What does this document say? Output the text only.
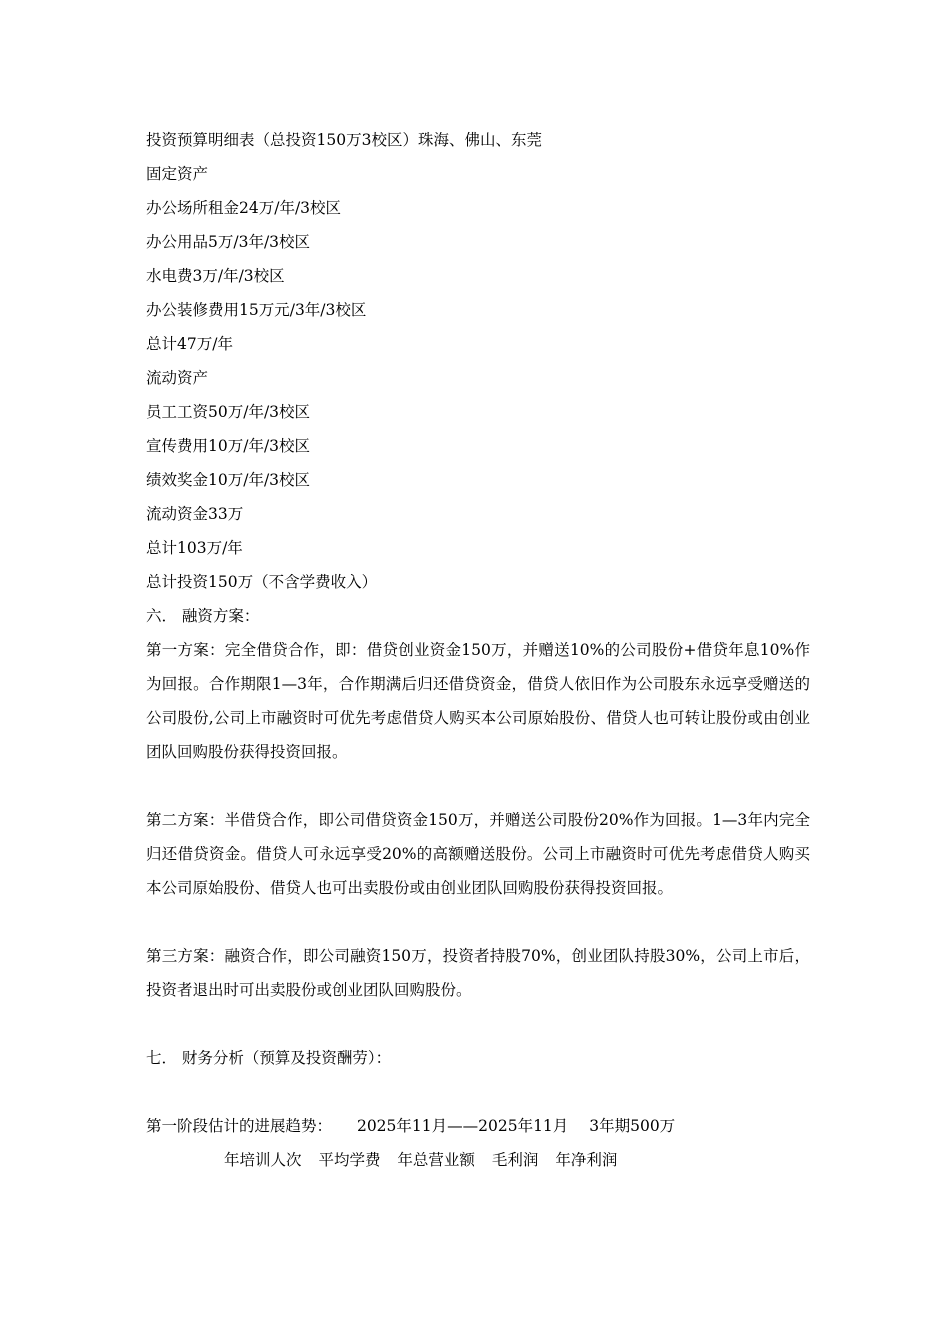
投资预算明细表（总投资150万3校区）珠海、佛山、东莞
固定资产
办公场所租金24万/年/3校区
办公用品5万/3年/3校区
水电费3万/年/3校区
办公装修费用15万元/3年/3校区
总计47万/年
流动资产
员工工资50万/年/3校区
宣传费用10万/年/3校区
绩效奖金10万/年/3校区
流动资金33万
总计103万/年
总计投资150万（不含学费收入）
六． 融资方案：

第一方案：完全借贷合作，即：借贷创业资金150万，并赠送10%的公司股份+借贷年息10%作为回报。合作期限1—3年，合作期满后归还借贷资金，借贷人依旧作为公司股东永远享受赠送的公司股份,公司上市融资时可优先考虑借贷人购买本公司原始股份、借贷人也可转让股份或由创业团队回购股份获得投资回报。

第二方案：半借贷合作，即公司借贷资金150万，并赠送公司股份20%作为回报。1—3年内完全归还借贷资金。借贷人可永远享受20%的高额赠送股份。公司上市融资时可优先考虑借贷人购买本公司原始股份、借贷人也可出卖股份或由创业团队回购股份获得投资回报。

第三方案：融资合作，即公司融资150万，投资者持股70%，创业团队持股30%，公司上市后，投资者退出时可出卖股份或创业团队回购股份。

七． 财务分析（预算及投资酬劳）：
第一阶段估计的进展趋势： 2025年11月——2025年11月 3年期500万
年培训人次 平均学费 年总营业额 毛利润 年净利润
